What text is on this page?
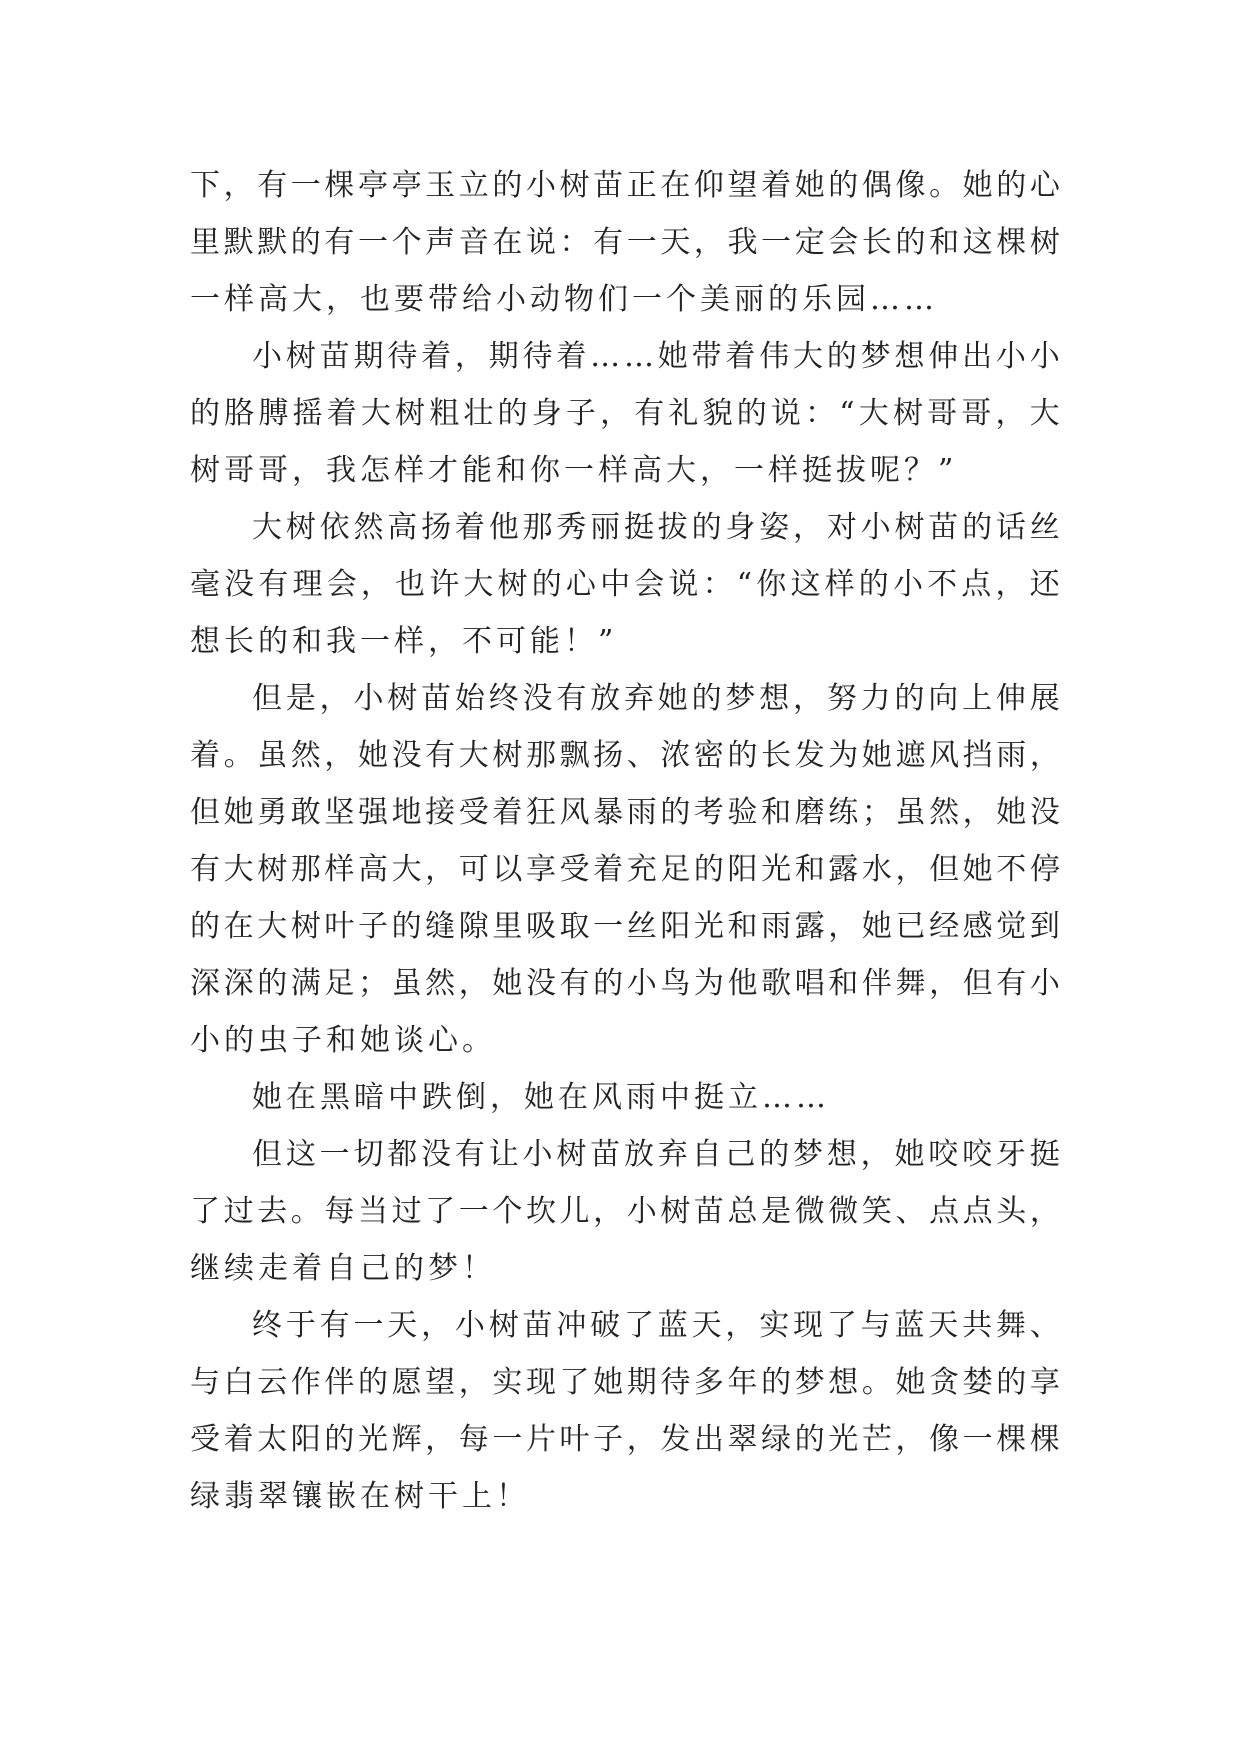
下 ， 有 一 棵 亭 亭 玉 立 的 小 树 苗 正 在 仰 望 着 她 的 偶 像 。 她 的 心
里 默 默 的 有 一 个 声 音 在 说 ： 有 一 天 ， 我 一 定 会 长 的 和 这 棵 树
一样高大，也要带给小动物们一个美丽的乐园……
小 树 苗 期 待 着 ， 期 待 着 … … 她 带 着 伟 大 的 梦 想 伸 出 小 小
的 胳 膊 摇 着 大 树 粗 壮 的 身 子 ， 有 礼 貌 的 说 ： “ 大 树 哥 哥 ， 大
树哥哥，我怎样才能和你一样高大，一样挺拔呢？”
大 树 依 然 高 扬 着 他 那 秀 丽 挺 拔 的 身 姿 ， 对 小 树 苗 的 话 丝
毫 没 有 理 会 ， 也 许 大 树 的 心 中 会 说 ： “ 你 这 样 的 小 不 点 ， 还
想长的和我一样，不可能！”
但 是 ， 小 树 苗 始 终 没 有 放 弃 她 的 梦 想 ， 努 力 的 向 上 伸 展
着 。 虽 然 ， 她 没 有 大 树 那 飘 扬 、 浓 密 的 长 发 为 她 遮 风 挡 雨 ，
但 她 勇 敢 坚 强 地 接 受 着 狂 风 暴 雨 的 考 验 和 磨 练 ； 虽 然 ， 她 没
有 大 树 那 样 高 大 ， 可 以 享 受 着 充 足 的 阳 光 和 露 水 ， 但 她 不 停
的 在 大 树 叶 子 的 缝 隙 里 吸 取 一 丝 阳 光 和 雨 露 ， 她 已 经 感 觉 到
深 深 的 满 足 ； 虽 然 ， 她 没 有 的 小 鸟 为 他 歌 唱 和 伴 舞 ， 但 有 小
小的虫子和她谈心。
她在黑暗中跌倒，她在风雨中挺立……
但 这 一 切 都 没 有 让 小 树 苗 放 弃 自 己 的 梦 想 ， 她 咬 咬 牙 挺
了 过 去 。 每 当 过 了 一 个 坎 儿 ， 小 树 苗 总 是 微 微 笑 、 点 点 头 ，
继续走着自己的梦！
终 于 有 一 天 ， 小 树 苗 冲 破 了 蓝 天 ， 实 现 了 与 蓝 天 共 舞 、
与 白 云 作 伴 的 愿 望 ， 实 现 了 她 期 待 多 年 的 梦 想 。 她 贪 婪 的 享
受 着 太 阳 的 光 辉 ， 每 一 片 叶 子 ， 发 出 翠 绿 的 光 芒 ， 像 一 棵 棵
绿翡翠镶嵌在树干上！
